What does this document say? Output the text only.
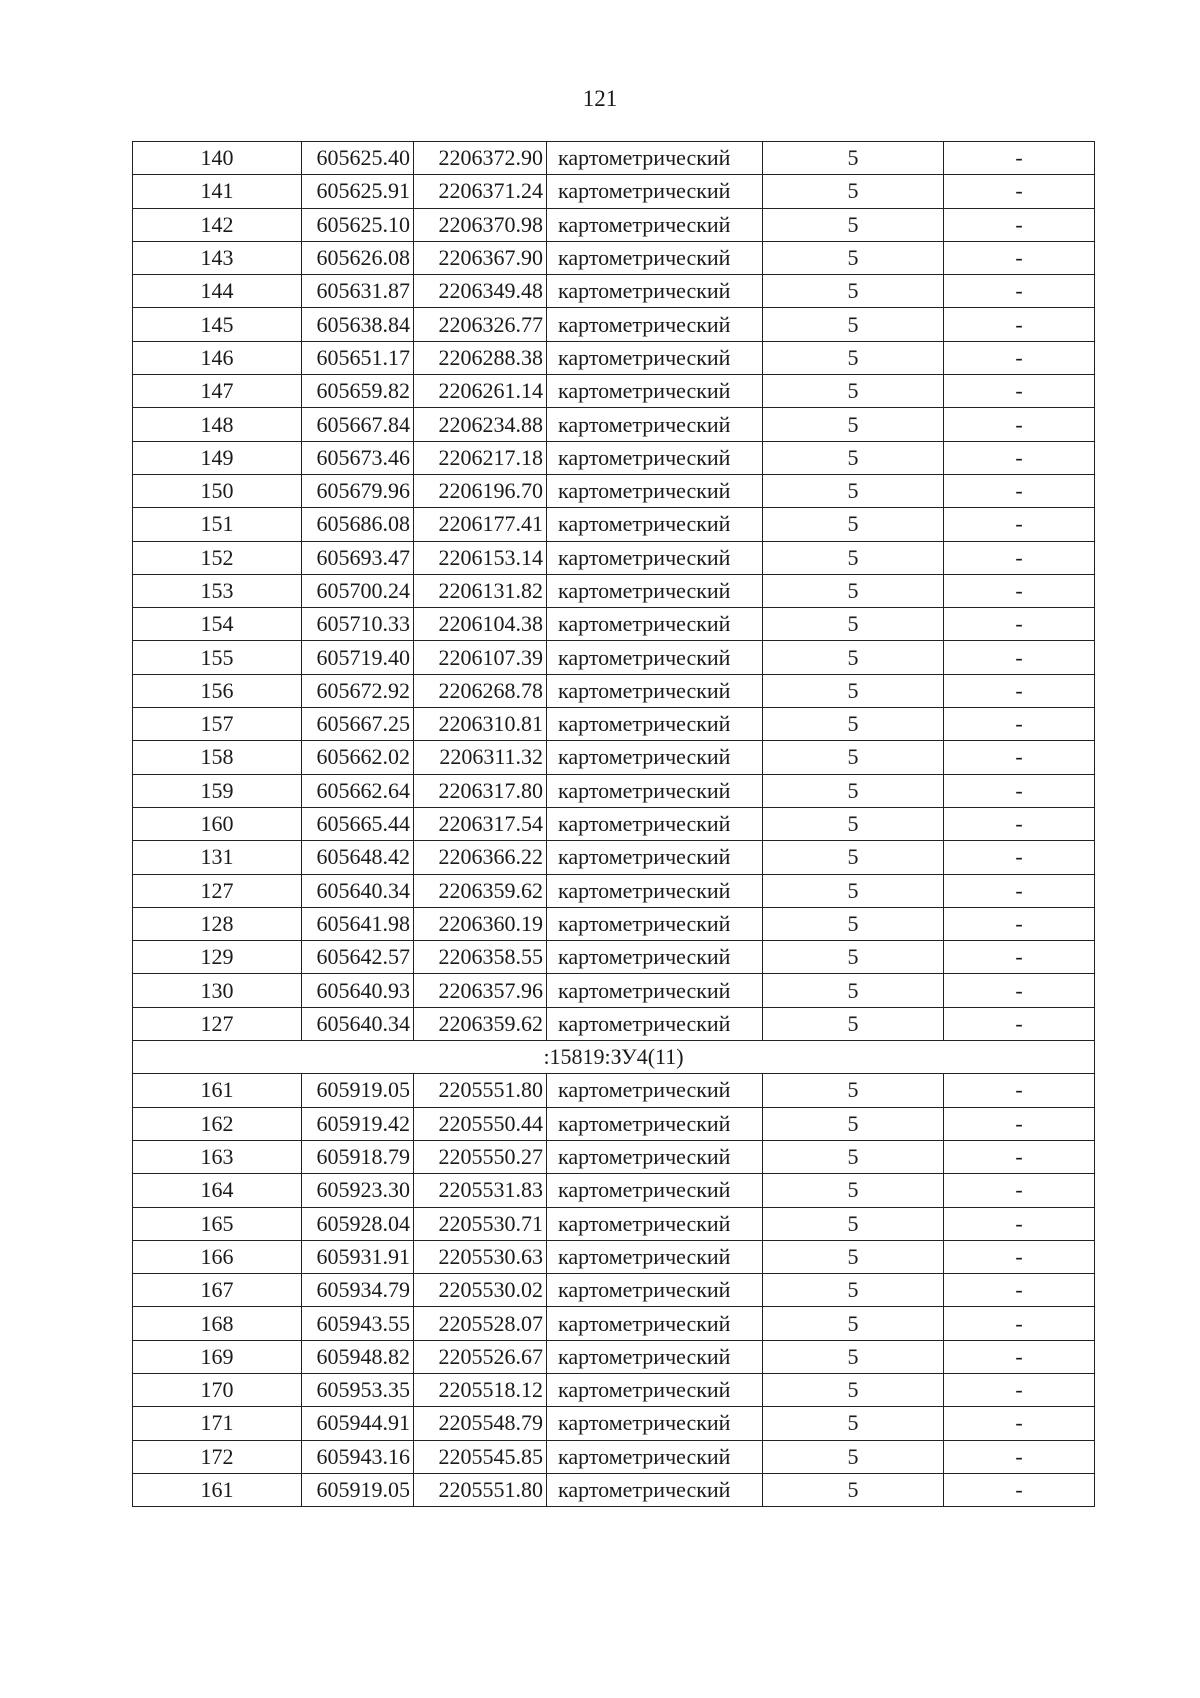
121
140	605625.40	2206372.90	картометрический	5	-
141	605625.91	2206371.24	картометрический	5	-
142	605625.10	2206370.98	картометрический	5	-
143	605626.08	2206367.90	картометрический	5	-
144	605631.87	2206349.48	картометрический	5	-
145	605638.84	2206326.77	картометрический	5	-
146	605651.17	2206288.38	картометрический	5	-
147	605659.82	2206261.14	картометрический	5	-
148	605667.84	2206234.88	картометрический	5	-
149	605673.46	2206217.18	картометрический	5	-
150	605679.96	2206196.70	картометрический	5	-
151	605686.08	2206177.41	картометрический	5	-
152	605693.47	2206153.14	картометрический	5	-
153	605700.24	2206131.82	картометрический	5	-
154	605710.33	2206104.38	картометрический	5	-
155	605719.40	2206107.39	картометрический	5	-
156	605672.92	2206268.78	картометрический	5	-
157	605667.25	2206310.81	картометрический	5	-
158	605662.02	2206311.32	картометрический	5	-
159	605662.64	2206317.80	картометрический	5	-
160	605665.44	2206317.54	картометрический	5	-
131	605648.42	2206366.22	картометрический	5	-
127	605640.34	2206359.62	картометрический	5	-
128	605641.98	2206360.19	картометрический	5	-
129	605642.57	2206358.55	картометрический	5	-
130	605640.93	2206357.96	картометрический	5	-
127	605640.34	2206359.62	картометрический	5	-
:15819:ЗУ4(11)					
161	605919.05	2205551.80	картометрический	5	-
162	605919.42	2205550.44	картометрический	5	-
163	605918.79	2205550.27	картометрический	5	-
164	605923.30	2205531.83	картометрический	5	-
165	605928.04	2205530.71	картометрический	5	-
166	605931.91	2205530.63	картометрический	5	-
167	605934.79	2205530.02	картометрический	5	-
168	605943.55	2205528.07	картометрический	5	-
169	605948.82	2205526.67	картометрический	5	-
170	605953.35	2205518.12	картометрический	5	-
171	605944.91	2205548.79	картометрический	5	-
172	605943.16	2205545.85	картометрический	5	-
161	605919.05	2205551.80	картометрический	5	-
